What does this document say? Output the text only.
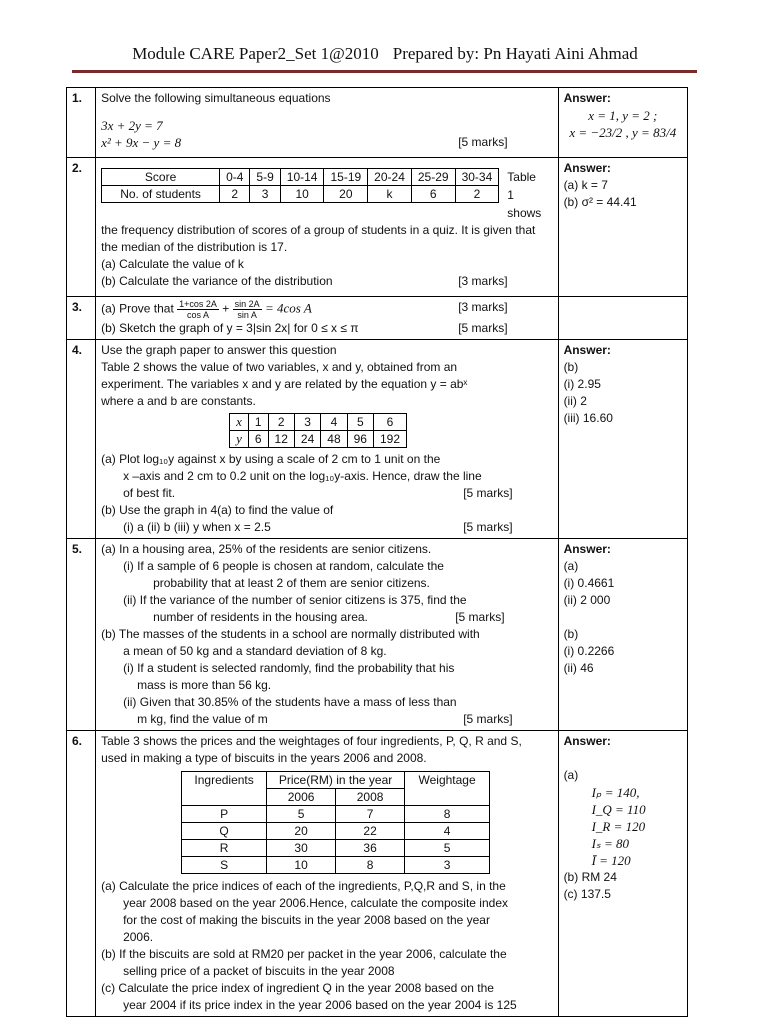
Module CARE Paper2_Set 1@2010 Prepared by: Pn Hayati Aini Ahmad
1.	Solve the following simultaneous equations
3x + 2y = 7
x² + 9x − y = 8	[5 marks]

Answer:
x = 1, y = 2 ;
x = −23/2 , y = 83/4

2.	
Score	0-4	5-9	10-14	15-19	20-24	25-29	30-34
No. of students	2	3	10	20	k	6	2
Table 1 shows
the frequency distribution of scores of a group of students in a quiz. It is given that the median of the distribution is 17.
(a) Calculate the value of k
(b) Calculate the variance of the distribution	[3 marks]

Answer:
(a) k = 7
(b) σ² = 44.41

3.	(a) Prove that $\frac{1+\cos 2A}{\text{cos A}} + \frac{\sin 2A}{\text{sin A}} = 4\cos$ A	[3 marks]
(b) Sketch the graph of y = 3|sin 2x| for 0 ≤ x ≤ π	[5 marks]

4.	Use the graph paper to answer this question
Table 2 shows the value of two variables, x and y, obtained from an
experiment. The variables x and y are related by the equation y = abˣ
where a and b are constants.
x	1	2	3	4	5	6
y	6	12	24	48	96	192
(a) Plot log₁₀y against x by using a scale of 2 cm to 1 unit on the
x –axis and 2 cm to 0.2 unit on the log₁₀y-axis. Hence, draw the line
of best fit.	[5 marks]
(b) Use the graph in 4(a) to find the value of
(i) a (ii) b (iii) y when x = 2.5	[5 marks]

Answer:
(b)
(i) 2.95
(ii) 2
(iii) 16.60

5.	(a) In a housing area, 25% of the residents are senior citizens.
(i) If a sample of 6 people is chosen at random, calculate the
probability that at least 2 of them are senior citizens.
(ii) If the variance of the number of senior citizens is 375, find the
number of residents in the housing area.	[5 marks]
(b) The masses of the students in a school are normally distributed with
a mean of 50 kg and a standard deviation of 8 kg.
(i) If a student is selected randomly, find the probability that his
mass is more than 56 kg.
(ii) Given that 30.85% of the students have a mass of less than
m kg, find the value of m	[5 marks]

Answer:
(a)
(i) 0.4661
(ii) 2 000
(b)
(i) 0.2266
(ii) 46

6.	Table 3 shows the prices and the weightages of four ingredients, P, Q, R and S,
used in making a type of biscuits in the years 2006 and 2008.
Ingredients	Price(RM) in the year	Weightage
2006	2008
P	5	7	8
Q	20	22	4
R	30	36	5
S	10	8	3
(a) Calculate the price indices of each of the ingredients, P,Q,R and S, in the
year 2008 based on the year 2006.Hence, calculate the composite index
for the cost of making the biscuits in the year 2008 based on the year
2006.
(b) If the biscuits are sold at RM20 per packet in the year 2006, calculate the
selling price of a packet of biscuits in the year 2008
(c) Calculate the price index of ingredient Q in the year 2008 based on the
year 2004 if its price index in the year 2006 based on the year 2004 is 125

Answer:
(a)
Iₚ = 140,
I_Q = 110
I_R = 120
Iₛ = 80
Ī = 120
(b) RM 24
(c) 137.5
